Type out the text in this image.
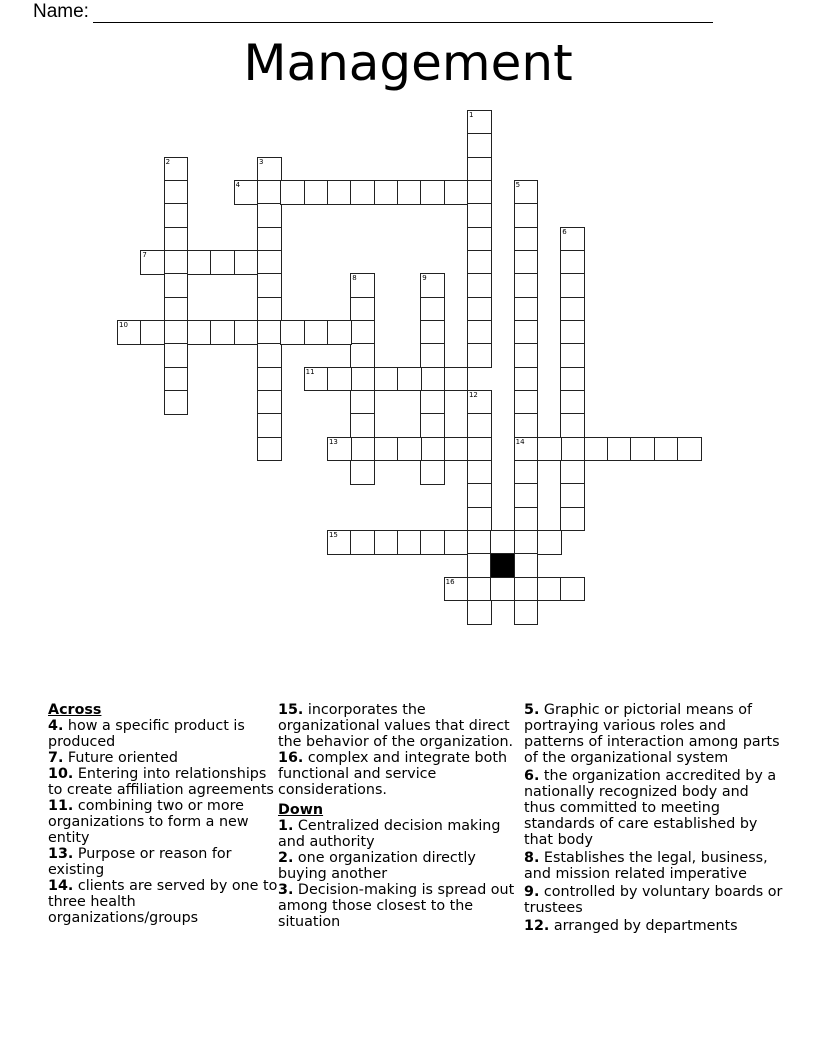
Name:
Management
1
2	3
4	5
14
6
7
8	9
10
11
12
13
15
16
Across
4. how a specific product is produced
7. Future oriented
10. Entering into relationships to create affiliation agreements
11. combining two or more organizations to form a new entity
13. Purpose or reason for existing
14. clients are served by one to three health organizations/groups
15. incorporates the organizational values that direct the behavior of the organization.
16. complex and integrate both functional and service considerations.
Down
1. Centralized decision making and authority
2. one organization directly buying another
3. Decision-making is spread out among those closest to the situation
5. Graphic or pictorial means of portraying various roles and patterns of interaction among parts of the organizational system
6. the organization accredited by a nationally recognized body and thus committed to meeting standards of care established by that body
8. Establishes the legal, business, and mission related imperative
9. controlled by voluntary boards or trustees
12. arranged by departments
